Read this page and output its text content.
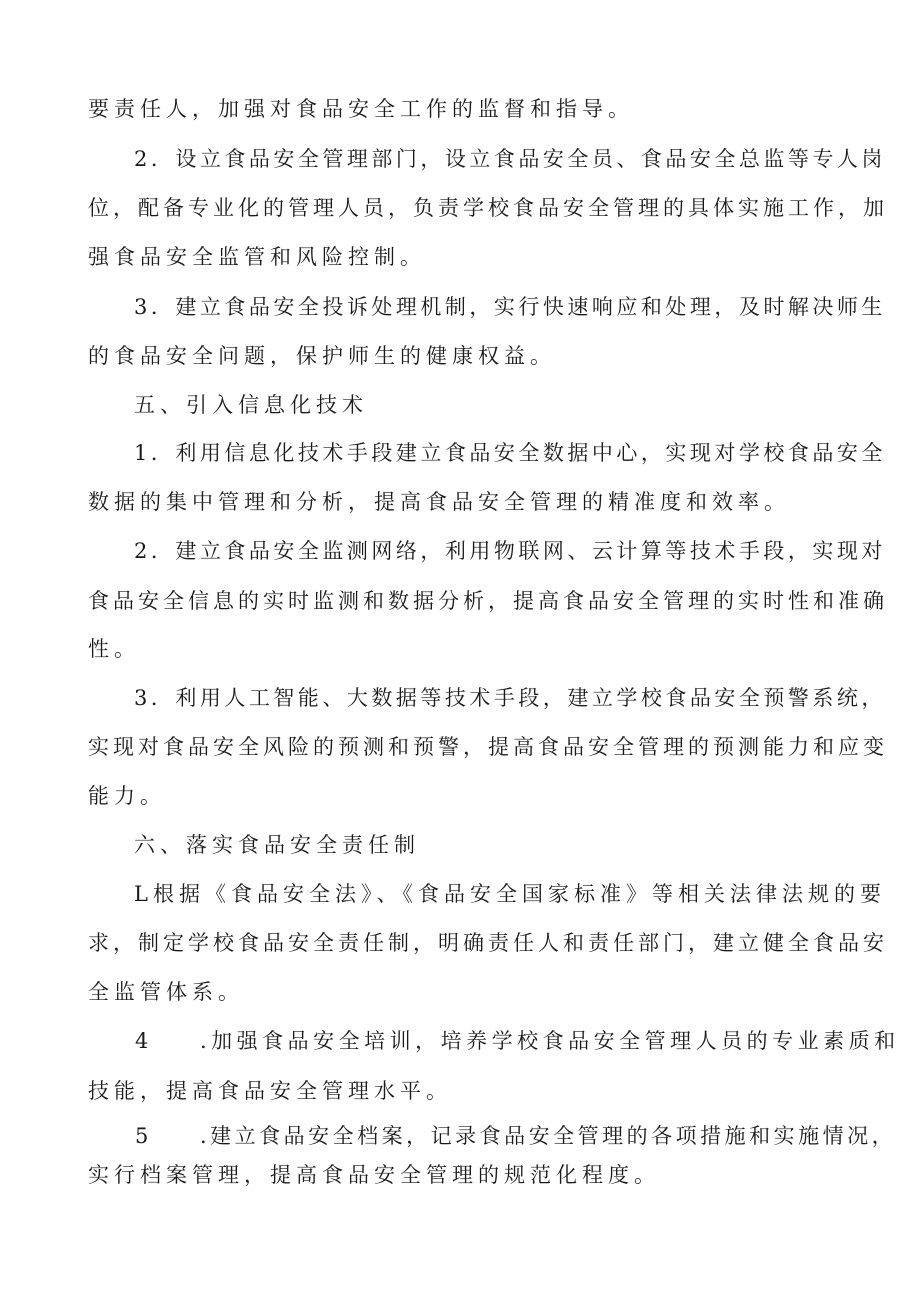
要责任人，加强对食品安全工作的监督和指导。
2．设立食品安全管理部门，设立食品安全员、食品安全总监等专人岗
位，配备专业化的管理人员，负责学校食品安全管理的具体实施工作，加
强食品安全监管和风险控制。
3．建立食品安全投诉处理机制，实行快速响应和处理，及时解决师生
的食品安全问题，保护师生的健康权益。
五、引入信息化技术
1．利用信息化技术手段建立食品安全数据中心，实现对学校食品安全
数据的集中管理和分析，提高食品安全管理的精准度和效率。
2．建立食品安全监测网络，利用物联网、云计算等技术手段，实现对
食品安全信息的实时监测和数据分析，提高食品安全管理的实时性和准确
性。
3．利用人工智能、大数据等技术手段，建立学校食品安全预警系统，
实现对食品安全风险的预测和预警，提高食品安全管理的预测能力和应变
能力。
六、落实食品安全责任制
L根据《食品安全法》、《食品安全国家标准》等相关法律法规的要
求，制定学校食品安全责任制，明确责任人和责任部门，建立健全食品安
全监管体系。
4 .加强食品安全培训，培养学校食品安全管理人员的专业素质和
技能，提高食品安全管理水平。
5 .建立食品安全档案，记录食品安全管理的各项措施和实施情况，
实行档案管理，提高食品安全管理的规范化程度。
